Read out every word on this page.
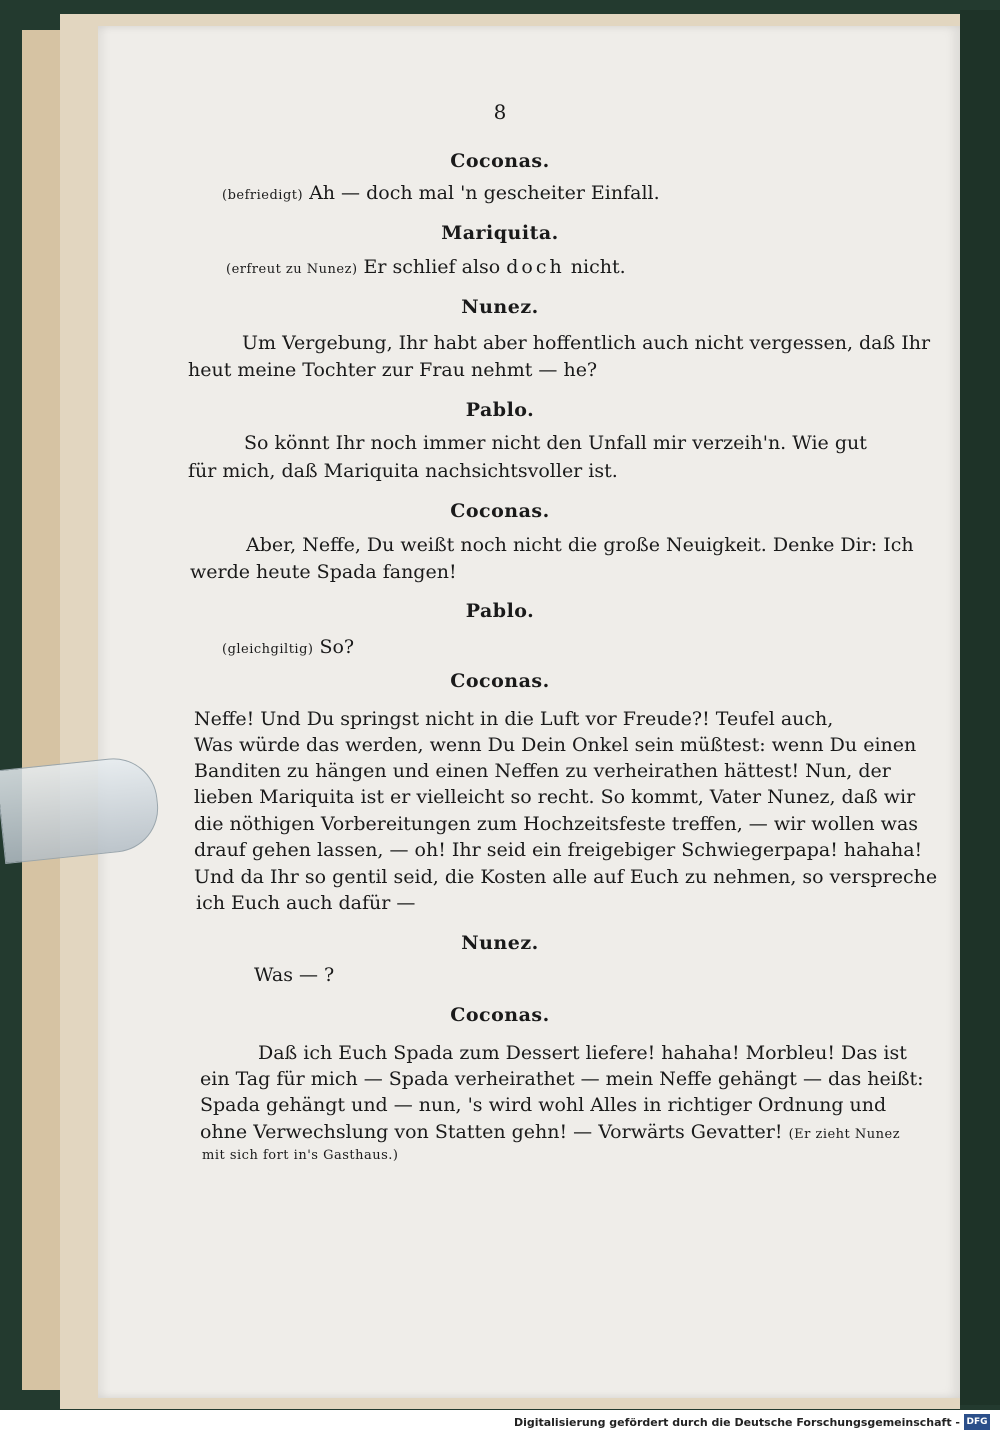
8
Coconas.
(befriedigt) Ah — doch mal 'n gescheiter Einfall.
Mariquita.
(erfreut zu Nunez) Er schlief also doch nicht.
Nunez.
Um Vergebung, Ihr habt aber hoffentlich auch nicht vergessen, daß Ihr
heut meine Tochter zur Frau nehmt — he?
Pablo.
So könnt Ihr noch immer nicht den Unfall mir verzeih'n. Wie gut
für mich, daß Mariquita nachsichtsvoller ist.
Coconas.
Aber, Neffe, Du weißt noch nicht die große Neuigkeit. Denke Dir: Ich
werde heute Spada fangen!
Pablo.
(gleichgiltig) So?
Coconas.
Neffe! Und Du springst nicht in die Luft vor Freude?! Teufel auch,
Was würde das werden, wenn Du Dein Onkel sein müßtest: wenn Du einen
Banditen zu hängen und einen Neffen zu verheirathen hättest! Nun, der
lieben Mariquita ist er vielleicht so recht. So kommt, Vater Nunez, daß wir
die nöthigen Vorbereitungen zum Hochzeitsfeste treffen, — wir wollen was
drauf gehen lassen, — oh! Ihr seid ein freigebiger Schwiegerpapa! hahaha!
Und da Ihr so gentil seid, die Kosten alle auf Euch zu nehmen, so verspreche
ich Euch auch dafür —
Nunez.
Was — ?
Coconas.
Daß ich Euch Spada zum Dessert liefere! hahaha! Morbleu! Das ist
ein Tag für mich — Spada verheirathet — mein Neffe gehängt — das heißt:
Spada gehängt und — nun, 's wird wohl Alles in richtiger Ordnung und
ohne Verwechslung von Statten gehn! — Vorwärts Gevatter! (Er zieht Nunez
mit sich fort in's Gasthaus.)
Digitalisierung gefördert durch die Deutsche Forschungsgemeinschaft - DFG
